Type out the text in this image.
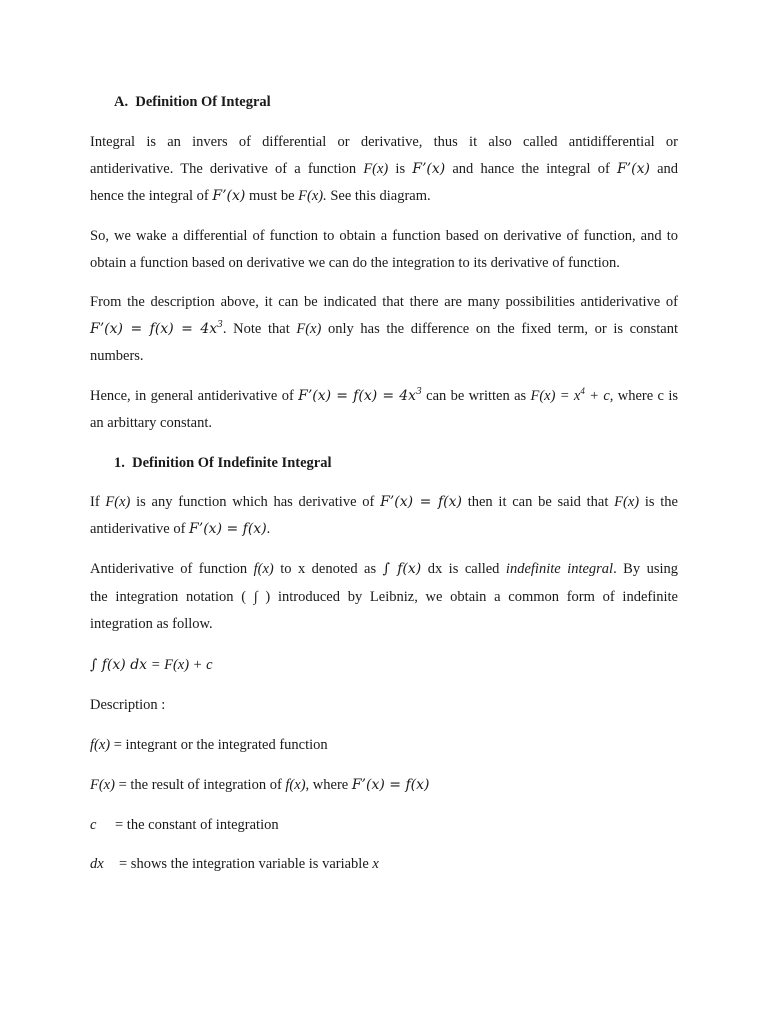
A. Definition Of Integral
Integral is an invers of differential or derivative, thus it also called antidifferential or
antiderivative. The derivative of a function F(x) is F’(x) and hance the integral of F’(x) and
hence the integral of F’(x) must be F(x). See this diagram.
So, we wake a differential of function to obtain a function based on derivative of function, and to
obtain a function based on derivative we can do the integration to its derivative of function.
From the description above, it can be indicated that there are many possibilities antiderivative of
F’(x) = $f(x) = 4x^3$. Note that F(x) only has the difference on the fixed term, or is constant
numbers.
Hence, in general antiderivative of F’(x) = $f(x) = 4x^3$ can be written as $F(x) = x^4 + c$, where c is
an arbittary constant.
1. Definition Of Indefinite Integral
If F(x) is any function which has derivative of F’(x) = f(x) then it can be said that F(x) is the
antiderivative of F’(x) = f(x).
Antiderivative of function f(x) to x denoted as ∫ f(x) dx is called indefinite integral. By using
the integration notation ( ∫ ) introduced by Leibniz, we obtain a common form of indefinite
integration as follow.
∫ f(x) dx = F(x) + c
Description :
f(x) = integrant or the integrated function
F(x) = the result of integration of f(x), where F’(x) = f(x)
c = the constant of integration
dx = shows the integration variable is variable x
